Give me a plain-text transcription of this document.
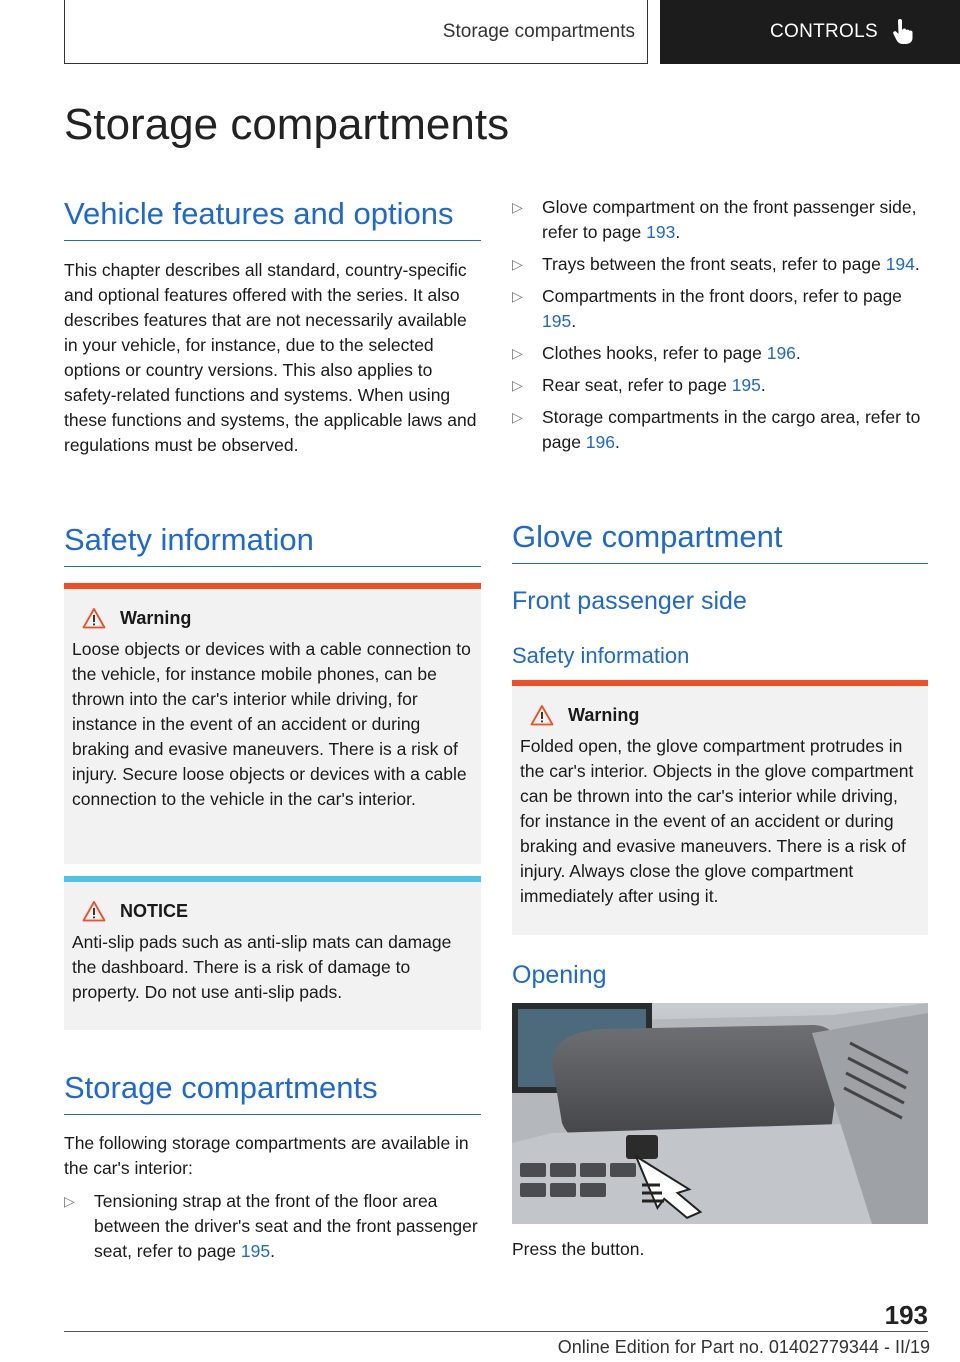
Storage compartments	CONTROLS
Storage compartments
Vehicle features and options

This chapter describes all standard, country-specific and optional features offered with the series. It also describes features that are not necessarily available in your vehicle, for instance, due to the selected options or country versions. This also applies to safety-related functions and systems. When using these functions and systems, the applicable laws and regulations must be observed.

Safety information
Warning
Loose objects or devices with a cable connection to the vehicle, for instance mobile phones, can be thrown into the car's interior while driving, for instance in the event of an accident or during braking and evasive maneuvers. There is a risk of injury. Secure loose objects or devices with a cable connection to the vehicle in the car's interior.
NOTICE
Anti-slip pads such as anti-slip mats can damage the dashboard. There is a risk of damage to property. Do not use anti-slip pads.
Storage compartments

The following storage compartments are available in the car's interior:

▷ Tensioning strap at the front of the floor area between the driver's seat and the front passenger seat, refer to page 195.
▷ Glove compartment on the front passenger side, refer to page 193.
▷ Trays between the front seats, refer to page 194.
▷ Compartments in the front doors, refer to page 195.
▷ Clothes hooks, refer to page 196.
▷ Rear seat, refer to page 195.
▷ Storage compartments in the cargo area, refer to page 196.
Glove compartment
Front passenger side
Safety information
Warning
Folded open, the glove compartment protrudes in the car's interior. Objects in the glove compartment can be thrown into the car's interior while driving, for instance in the event of an accident or during braking and evasive maneuvers. There is a risk of injury. Always close the glove compartment immediately after using it.
Opening

Press the button.

193
Online Edition for Part no. 01402779344 - II/19
